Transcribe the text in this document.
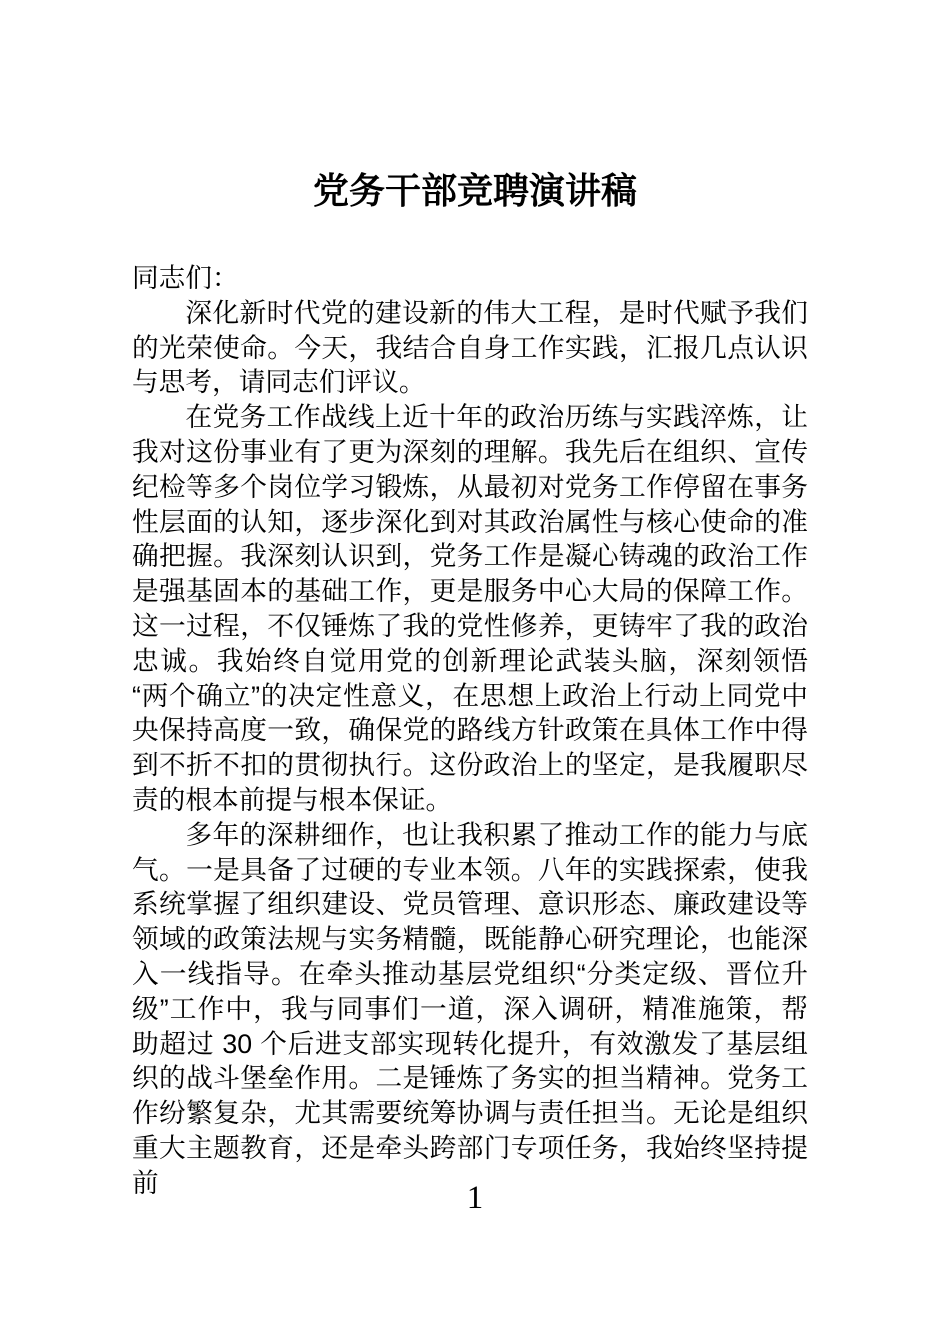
党务干部竞聘演讲稿

同志们：

深化新时代党的建设新的伟大工程，是时代赋予我们的光荣使命。今天，我结合自身工作实践，汇报几点认识与思考，请同志们评议。

在党务工作战线上近十年的政治历练与实践淬炼，让我对这份事业有了更为深刻的理解。我先后在组织、宣传纪检等多个岗位学习锻炼，从最初对党务工作停留在事务性层面的认知，逐步深化到对其政治属性与核心使命的准确把握。我深刻认识到，党务工作是凝心铸魂的政治工作是强基固本的基础工作，更是服务中心大局的保障工作。这一过程，不仅锤炼了我的党性修养，更铸牢了我的政治忠诚。我始终自觉用党的创新理论武装头脑，深刻领悟“两个确立”的决定性意义，在思想上政治上行动上同党中央保持高度一致，确保党的路线方针政策在具体工作中得到不折不扣的贯彻执行。这份政治上的坚定，是我履职尽责的根本前提与根本保证。

多年的深耕细作，也让我积累了推动工作的能力与底气。一是具备了过硬的专业本领。八年的实践探索，使我系统掌握了组织建设、党员管理、意识形态、廉政建设等领域的政策法规与实务精髓，既能静心研究理论，也能深入一线指导。在牵头推动基层党组织“分类定级、晋位升级”工作中，我与同事们一道，深入调研，精准施策，帮助超过 30 个后进支部实现转化提升，有效激发了基层组织的战斗堡垒作用。二是锤炼了务实的担当精神。党务工作纷繁复杂，尤其需要统筹协调与责任担当。无论是组织重大主题教育，还是牵头跨部门专项任务，我始终坚持提前	1
